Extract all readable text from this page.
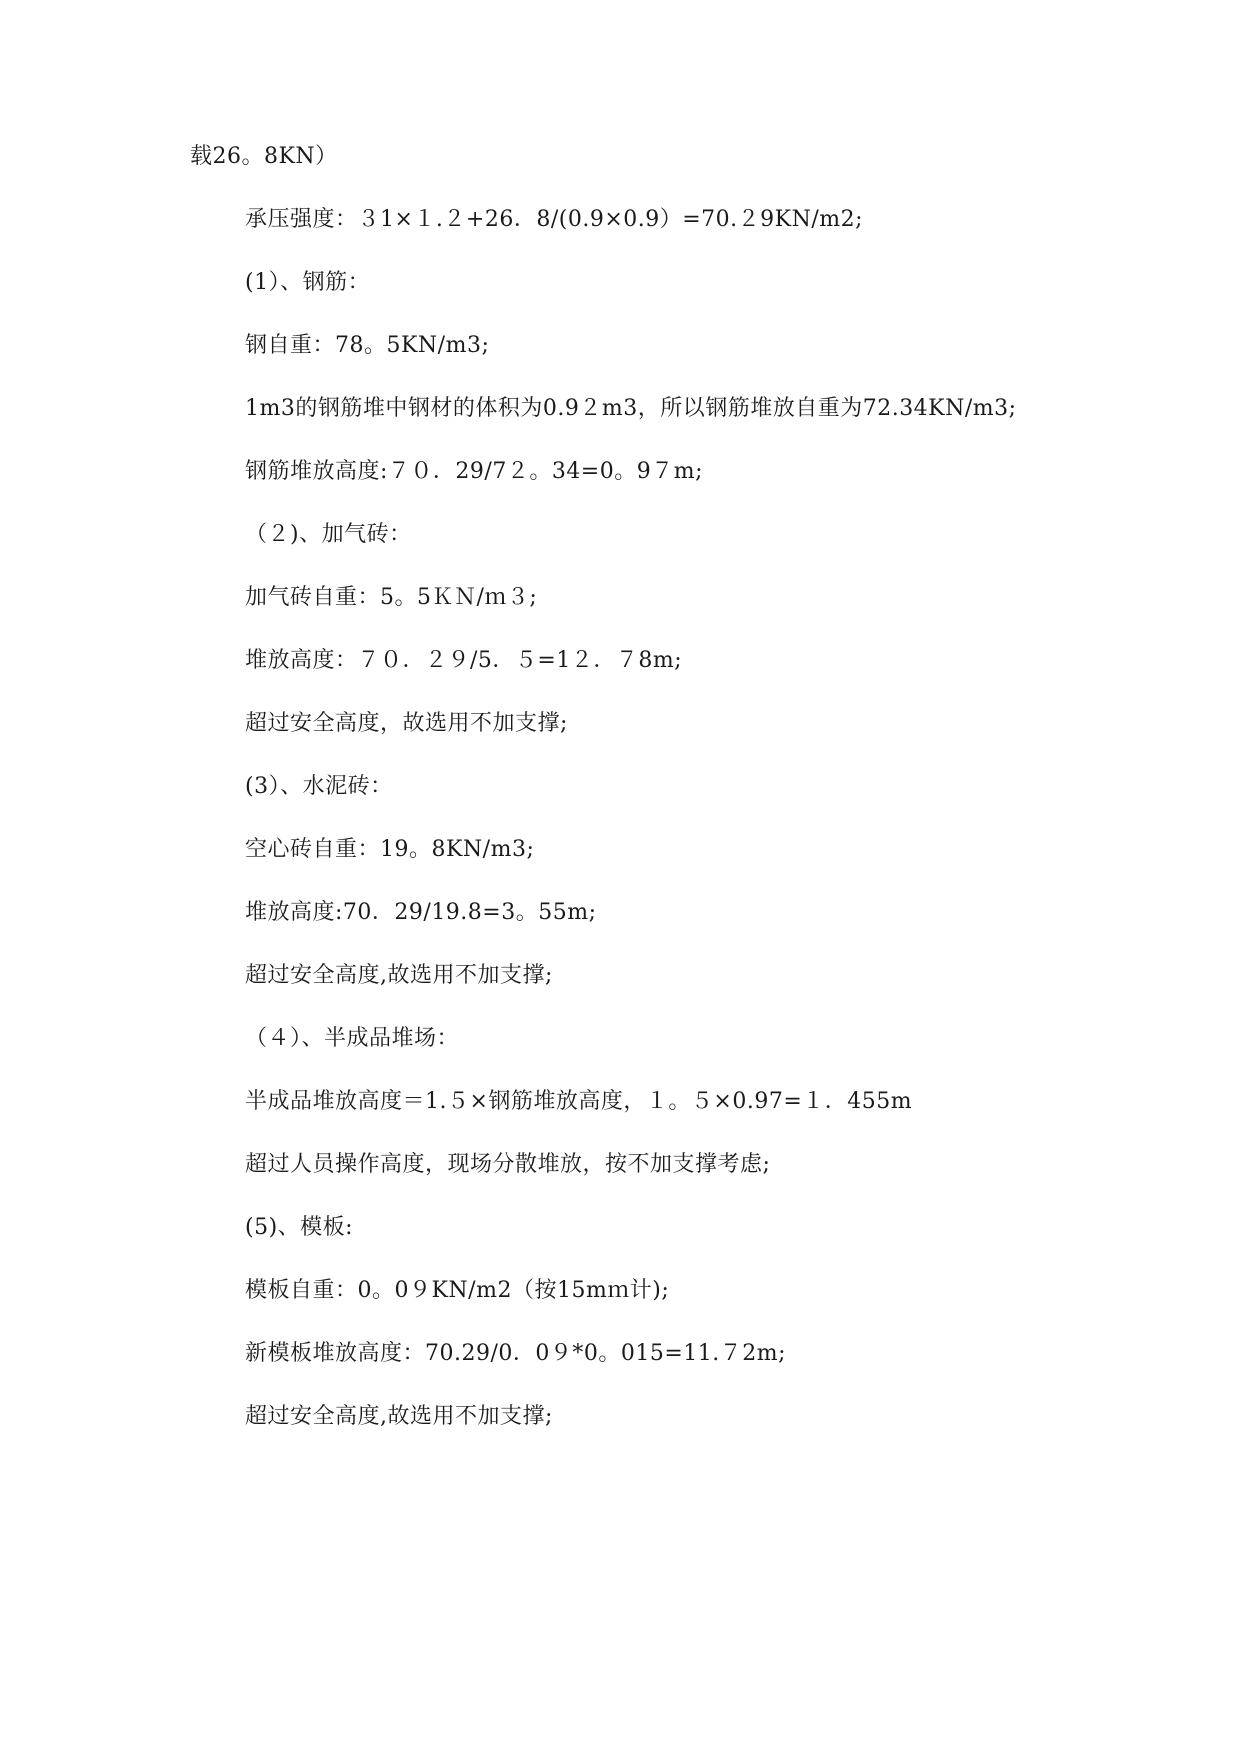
载26。8KN）
承压强度：３1×１.２+26．8/(0.9×0.9）=70.２9KN/m2;
(1）、钢筋：
钢自重：78。5KN/m3;
1m3的钢筋堆中钢材的体积为0.9２m3，所以钢筋堆放自重为72.34KN/m3;
钢筋堆放高度:７０．29/7２。34=0。9７m;
（２)、加气砖：
加气砖自重：5。5ＫＮ/ｍ３;
堆放高度：７０．２９/5．５=1２．７8m;
超过安全高度，故选用不加支撑;
(3）、水泥砖：
空心砖自重：19。8KN/m3;
堆放高度:70．29/19.8=3。55m;
超过安全高度,故选用不加支撑;
（４）、半成品堆场：
半成品堆放高度＝1.５×钢筋堆放高度，１。５×0.97=１．455m
超过人员操作高度，现场分散堆放，按不加支撑考虑;
(5)、模板:
模板自重：0。0９KN/m2（按15mｍ计);
新模板堆放高度：70.29/0．0９*0。015=11.７2m;
超过安全高度,故选用不加支撑;
